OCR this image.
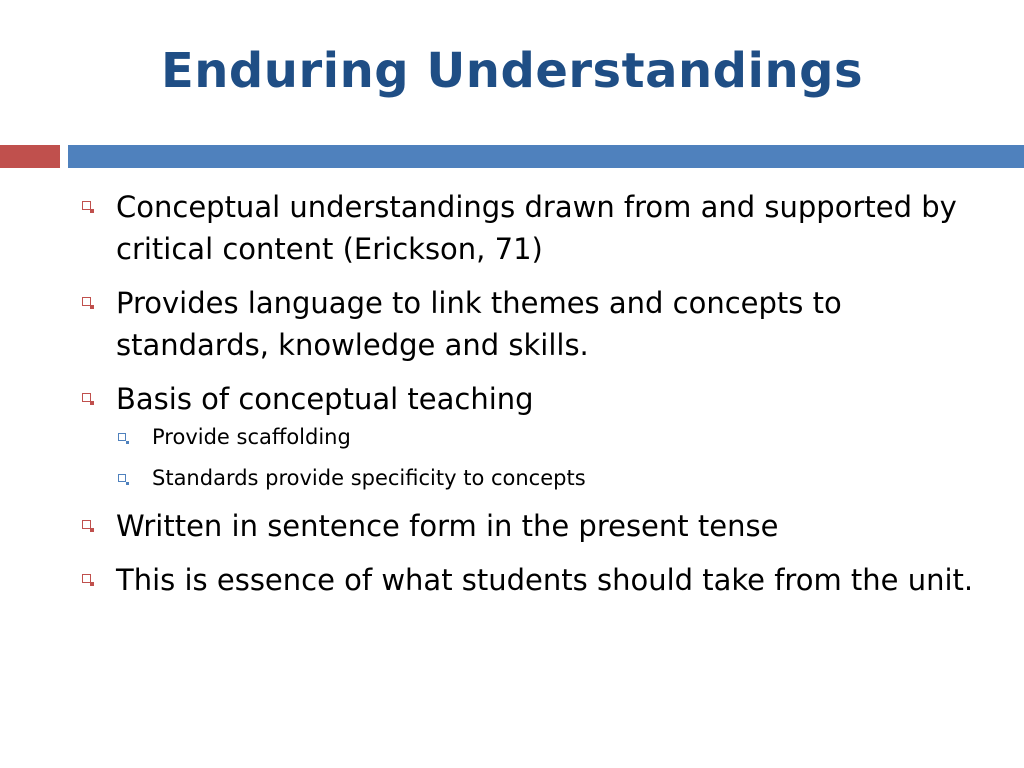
Enduring Understandings
Conceptual understandings drawn from and supported by critical content (Erickson, 71)
Provides language to link themes and concepts to standards, knowledge and skills.
Basis of conceptual teaching
Provide scaffolding
Standards provide specificity to concepts
Written in sentence form in the present tense
This is essence of what students should take from the unit.
